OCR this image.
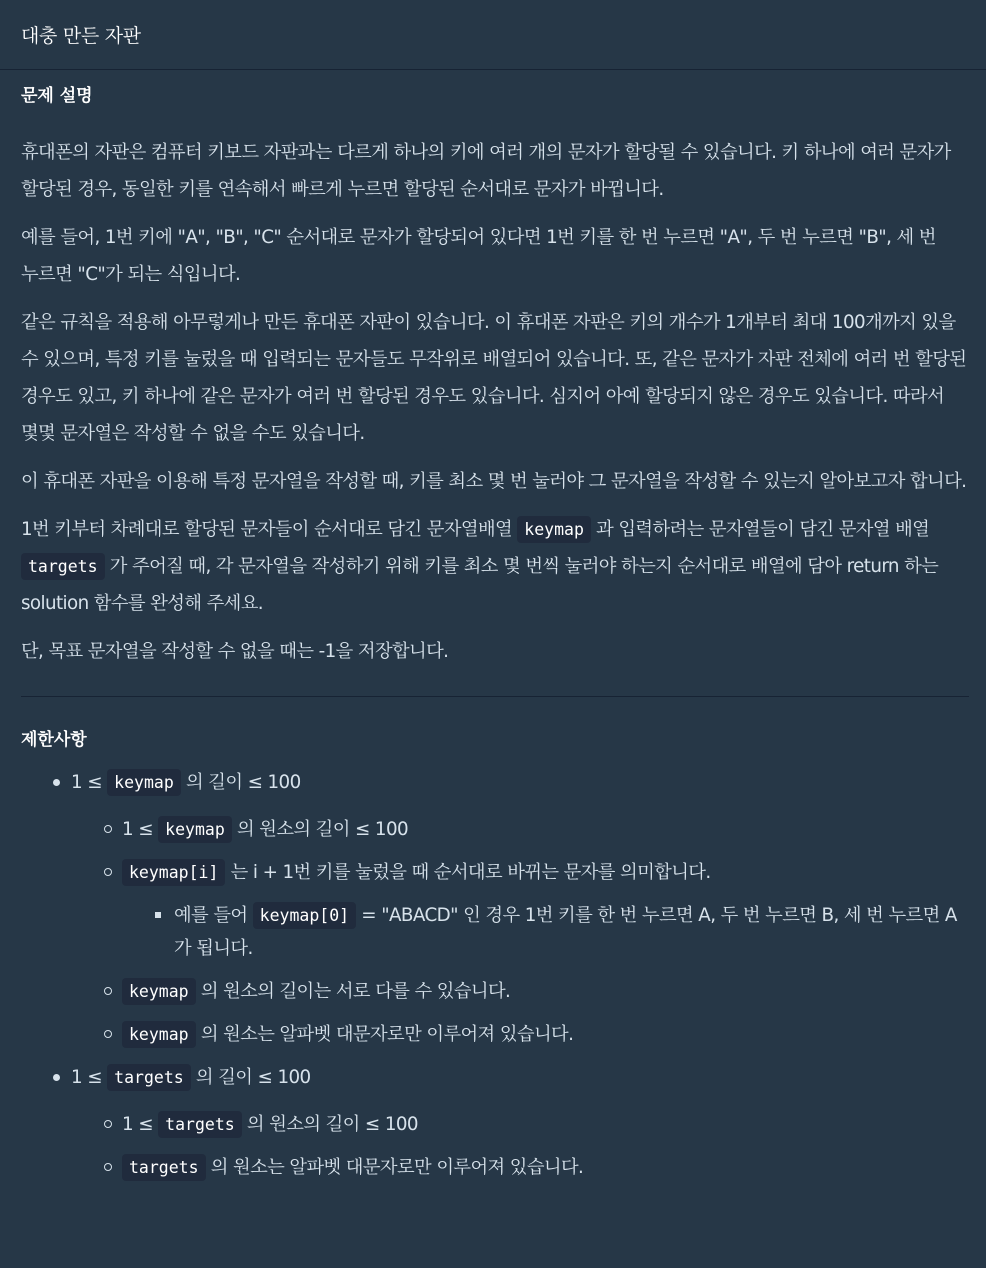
대충 만든 자판
문제 설명

휴대폰의 자판은 컴퓨터 키보드 자판과는 다르게 하나의 키에 여러 개의 문자가 할당될 수 있습니다. 키 하나에 여러 문자가 할당된 경우, 동일한 키를 연속해서 빠르게 누르면 할당된 순서대로 문자가 바뀝니다.

예를 들어, 1번 키에 "A", "B", "C" 순서대로 문자가 할당되어 있다면 1번 키를 한 번 누르면 "A", 두 번 누르면 "B", 세 번 누르면 "C"가 되는 식입니다.

같은 규칙을 적용해 아무렇게나 만든 휴대폰 자판이 있습니다. 이 휴대폰 자판은 키의 개수가 1개부터 최대 100개까지 있을 수 있으며, 특정 키를 눌렀을 때 입력되는 문자들도 무작위로 배열되어 있습니다. 또, 같은 문자가 자판 전체에 여러 번 할당된 경우도 있고, 키 하나에 같은 문자가 여러 번 할당된 경우도 있습니다. 심지어 아예 할당되지 않은 경우도 있습니다. 따라서 몇몇 문자열은 작성할 수 없을 수도 있습니다.

이 휴대폰 자판을 이용해 특정 문자열을 작성할 때, 키를 최소 몇 번 눌러야 그 문자열을 작성할 수 있는지 알아보고자 합니다.

1번 키부터 차례대로 할당된 문자들이 순서대로 담긴 문자열배열 keymap 과 입력하려는 문자열들이 담긴 문자열 배열 targets 가 주어질 때, 각 문자열을 작성하기 위해 키를 최소 몇 번씩 눌러야 하는지 순서대로 배열에 담아 return 하는 solution 함수를 완성해 주세요.

단, 목표 문자열을 작성할 수 없을 때는 -1을 저장합니다.

제한사항
1 ≤ keymap 의 길이 ≤ 100
1 ≤ keymap 의 원소의 길이 ≤ 100
keymap[i] 는 i + 1번 키를 눌렀을 때 순서대로 바뀌는 문자를 의미합니다.
예를 들어 keymap[0] = "ABACD" 인 경우 1번 키를 한 번 누르면 A, 두 번 누르면 B, 세 번 누르면 A 가 됩니다.
keymap 의 원소의 길이는 서로 다를 수 있습니다.
keymap 의 원소는 알파벳 대문자로만 이루어져 있습니다.
1 ≤ targets 의 길이 ≤ 100
1 ≤ targets 의 원소의 길이 ≤ 100
targets 의 원소는 알파벳 대문자로만 이루어져 있습니다.
